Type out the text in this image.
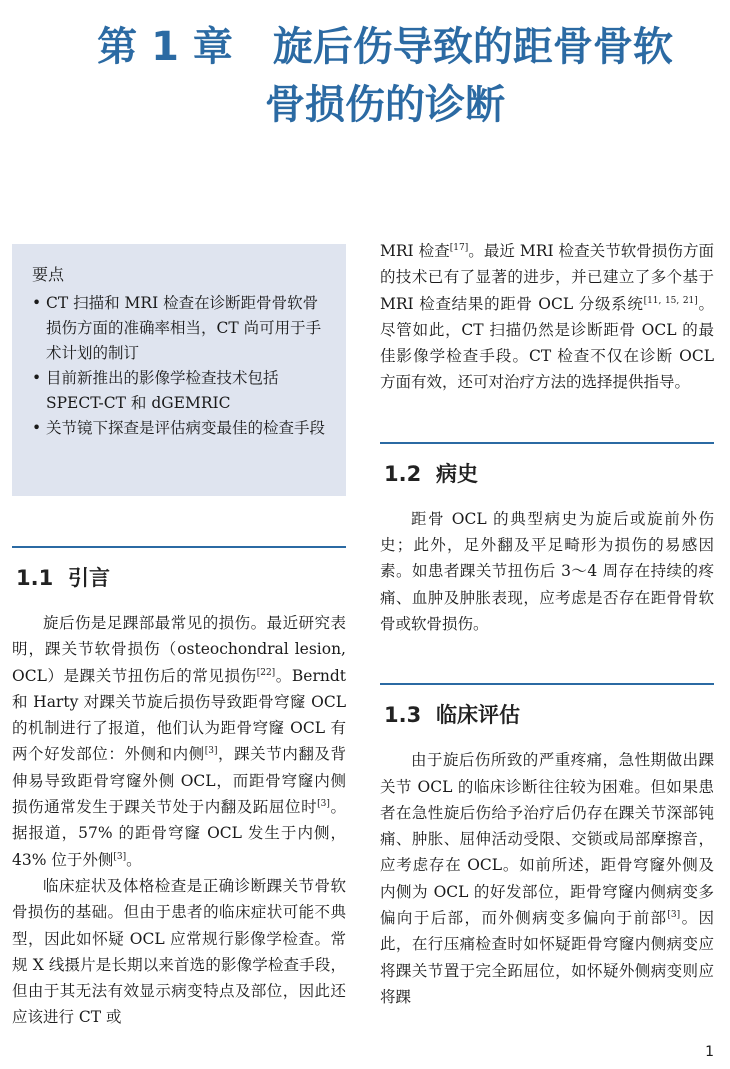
第 1 章　旋后伤导致的距骨骨软
骨损伤的诊断
要点
• CT 扫描和 MRI 检查在诊断距骨骨软骨损伤方面的准确率相当，CT 尚可用于手术计划的制订
• 目前新推出的影像学检查技术包括 SPECT-CT 和 dGEMRIC
• 关节镜下探查是评估病变最佳的检查手段
1.1 引言

旋后伤是足踝部最常见的损伤。最近研究表明，踝关节软骨损伤（osteochondral lesion, OCL）是踝关节扭伤后的常见损伤[22]。Berndt 和 Harty 对踝关节旋后损伤导致距骨穹窿 OCL 的机制进行了报道，他们认为距骨穹窿 OCL 有两个好发部位：外侧和内侧[3]，踝关节内翻及背伸易导致距骨穹窿外侧 OCL，而距骨穹窿内侧损伤通常发生于踝关节处于内翻及跖屈位时[3]。据报道，57% 的距骨穹窿 OCL 发生于内侧，43% 位于外侧[3]。

临床症状及体格检查是正确诊断踝关节骨软骨损伤的基础。但由于患者的临床症状可能不典型，因此如怀疑 OCL 应常规行影像学检查。常规 X 线摄片是长期以来首选的影像学检查手段，但由于其无法有效显示病变特点及部位，因此还应该进行 CT 或

MRI 检查[17]。最近 MRI 检查关节软骨损伤方面的技术已有了显著的进步，并已建立了多个基于 MRI 检查结果的距骨 OCL 分级系统[11, 15, 21]。尽管如此，CT 扫描仍然是诊断距骨 OCL 的最佳影像学检查手段。CT 检查不仅在诊断 OCL 方面有效，还可对治疗方法的选择提供指导。

1.2 病史

距骨 OCL 的典型病史为旋后或旋前外伤史；此外，足外翻及平足畸形为损伤的易感因素。如患者踝关节扭伤后 3～4 周存在持续的疼痛、血肿及肿胀表现，应考虑是否存在距骨骨软骨或软骨损伤。

1.3 临床评估

由于旋后伤所致的严重疼痛，急性期做出踝关节 OCL 的临床诊断往往较为困难。但如果患者在急性旋后伤给予治疗后仍存在踝关节深部钝痛、肿胀、屈伸活动受限、交锁或局部摩擦音，应考虑存在 OCL。如前所述，距骨穹窿外侧及内侧为 OCL 的好发部位，距骨穹窿内侧病变多偏向于后部，而外侧病变多偏向于前部[3]。因此，在行压痛检查时如怀疑距骨穹窿内侧病变应将踝关节置于完全跖屈位，如怀疑外侧病变则应将踝

1
